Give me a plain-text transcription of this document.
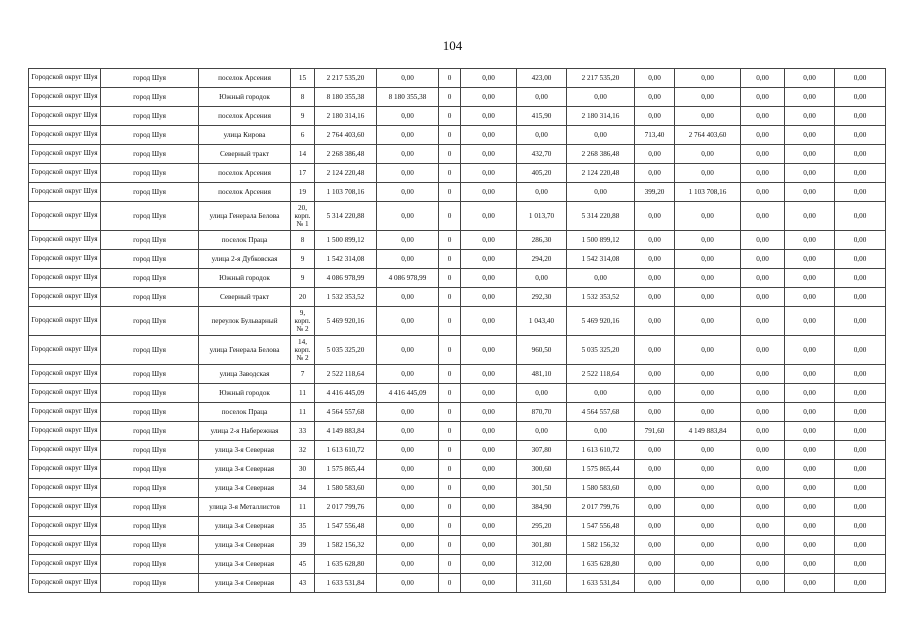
104
Городской округ Шуя	город Шуя	поселок Арсения	15	2 217 535,20	0,00	0	0,00	423,00	2 217 535,20	0,00	0,00	0,00	0,00	0,00
Городской округ Шуя	город Шуя	Южный городок	8	8 180 355,38	8 180 355,38	0	0,00	0,00	0,00	0,00	0,00	0,00	0,00	0,00
Городской округ Шуя	город Шуя	поселок Арсения	9	2 180 314,16	0,00	0	0,00	415,90	2 180 314,16	0,00	0,00	0,00	0,00	0,00
Городской округ Шуя	город Шуя	улица Кирова	6	2 764 403,60	0,00	0	0,00	0,00	0,00	713,40	2 764 403,60	0,00	0,00	0,00
Городской округ Шуя	город Шуя	Северный тракт	14	2 268 386,48	0,00	0	0,00	432,70	2 268 386,48	0,00	0,00	0,00	0,00	0,00
Городской округ Шуя	город Шуя	поселок Арсения	17	2 124 220,48	0,00	0	0,00	405,20	2 124 220,48	0,00	0,00	0,00	0,00	0,00
Городской округ Шуя	город Шуя	поселок Арсения	19	1 103 708,16	0,00	0	0,00	0,00	0,00	399,20	1 103 708,16	0,00	0,00	0,00
Городской округ Шуя	город Шуя	улица Генерала Белова	20, корп. № 1	5 314 220,88	0,00	0	0,00	1 013,70	5 314 220,88	0,00	0,00	0,00	0,00	0,00
Городской округ Шуя	город Шуя	поселок Праца	8	1 500 899,12	0,00	0	0,00	286,30	1 500 899,12	0,00	0,00	0,00	0,00	0,00
Городской округ Шуя	город Шуя	улица 2-я Дубковская	9	1 542 314,08	0,00	0	0,00	294,20	1 542 314,08	0,00	0,00	0,00	0,00	0,00
Городской округ Шуя	город Шуя	Южный городок	9	4 086 978,99	4 086 978,99	0	0,00	0,00	0,00	0,00	0,00	0,00	0,00	0,00
Городской округ Шуя	город Шуя	Северный тракт	20	1 532 353,52	0,00	0	0,00	292,30	1 532 353,52	0,00	0,00	0,00	0,00	0,00
Городской округ Шуя	город Шуя	переулок Бульварный	9, корп. № 2	5 469 920,16	0,00	0	0,00	1 043,40	5 469 920,16	0,00	0,00	0,00	0,00	0,00
Городской округ Шуя	город Шуя	улица Генерала Белова	14, корп. № 2	5 035 325,20	0,00	0	0,00	960,50	5 035 325,20	0,00	0,00	0,00	0,00	0,00
Городской округ Шуя	город Шуя	улица Заводская	7	2 522 118,64	0,00	0	0,00	481,10	2 522 118,64	0,00	0,00	0,00	0,00	0,00
Городской округ Шуя	город Шуя	Южный городок	11	4 416 445,09	4 416 445,09	0	0,00	0,00	0,00	0,00	0,00	0,00	0,00	0,00
Городской округ Шуя	город Шуя	поселок Праца	11	4 564 557,68	0,00	0	0,00	870,70	4 564 557,68	0,00	0,00	0,00	0,00	0,00
Городской округ Шуя	город Шуя	улица 2-я Набережная	33	4 149 883,84	0,00	0	0,00	0,00	0,00	791,60	4 149 883,84	0,00	0,00	0,00
Городской округ Шуя	город Шуя	улица 3-я Северная	32	1 613 610,72	0,00	0	0,00	307,80	1 613 610,72	0,00	0,00	0,00	0,00	0,00
Городской округ Шуя	город Шуя	улица 3-я Северная	30	1 575 865,44	0,00	0	0,00	300,60	1 575 865,44	0,00	0,00	0,00	0,00	0,00
Городской округ Шуя	город Шуя	улица 3-я Северная	34	1 580 583,60	0,00	0	0,00	301,50	1 580 583,60	0,00	0,00	0,00	0,00	0,00
Городской округ Шуя	город Шуя	улица 3-я Металлистов	11	2 017 799,76	0,00	0	0,00	384,90	2 017 799,76	0,00	0,00	0,00	0,00	0,00
Городской округ Шуя	город Шуя	улица 3-я Северная	35	1 547 556,48	0,00	0	0,00	295,20	1 547 556,48	0,00	0,00	0,00	0,00	0,00
Городской округ Шуя	город Шуя	улица 3-я Северная	39	1 582 156,32	0,00	0	0,00	301,80	1 582 156,32	0,00	0,00	0,00	0,00	0,00
Городской округ Шуя	город Шуя	улица 3-я Северная	45	1 635 628,80	0,00	0	0,00	312,00	1 635 628,80	0,00	0,00	0,00	0,00	0,00
Городской округ Шуя	город Шуя	улица 3-я Северная	43	1 633 531,84	0,00	0	0,00	311,60	1 633 531,84	0,00	0,00	0,00	0,00	0,00
